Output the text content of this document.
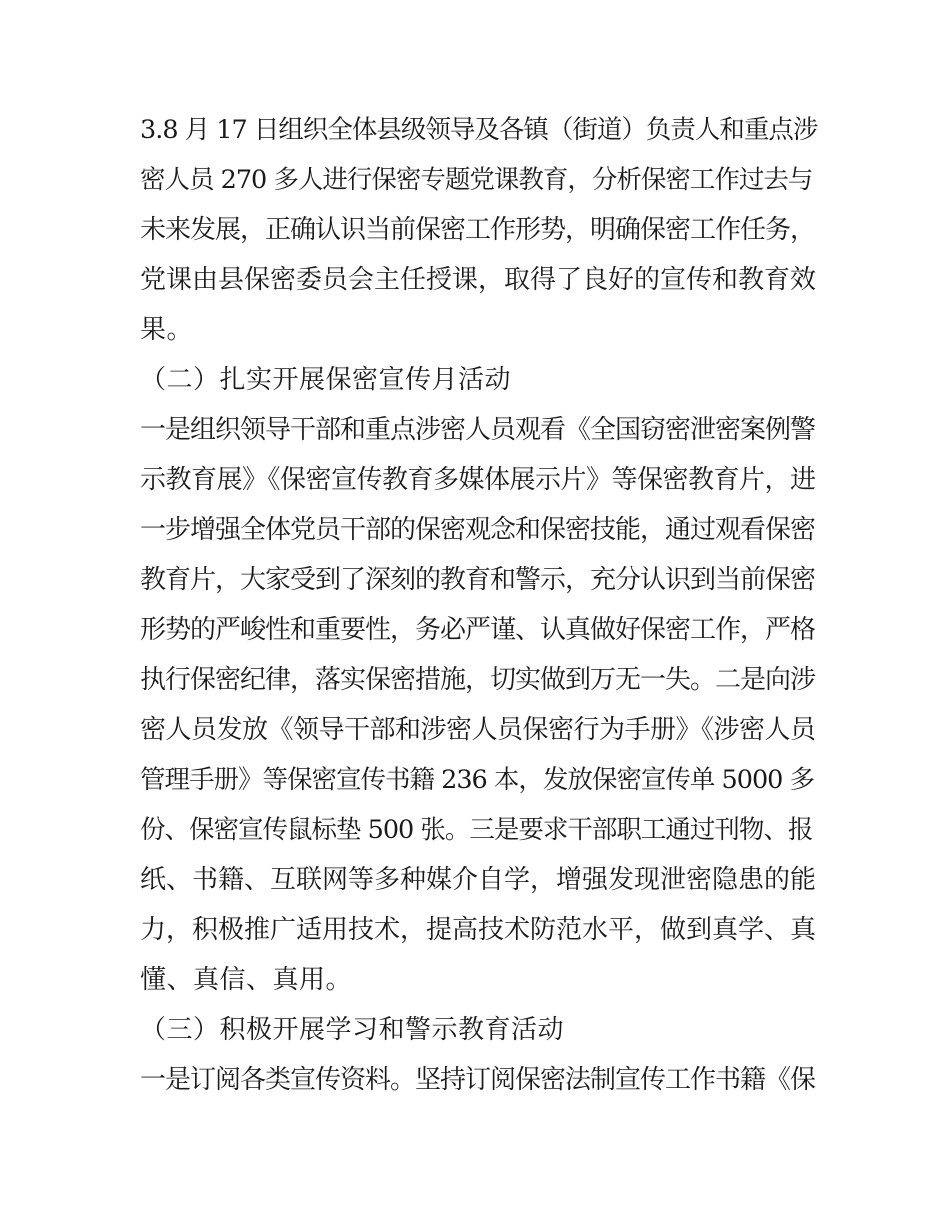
3.8 月 17 日组织全体县级领导及各镇（街道）负责人和重点涉
密人员 270 多人进行保密专题党课教育，分析保密工作过去与
未来发展，正确认识当前保密工作形势，明确保密工作任务，
党课由县保密委员会主任授课，取得了良好的宣传和教育效
果。
（二）扎实开展保密宣传月活动
一是组织领导干部和重点涉密人员观看《全国窃密泄密案例警
示教育展》《保密宣传教育多媒体展示片》等保密教育片，进
一步增强全体党员干部的保密观念和保密技能，通过观看保密
教育片，大家受到了深刻的教育和警示，充分认识到当前保密
形势的严峻性和重要性，务必严谨、认真做好保密工作，严格
执行保密纪律，落实保密措施，切实做到万无一失。二是向涉
密人员发放《领导干部和涉密人员保密行为手册》《涉密人员
管理手册》等保密宣传书籍 236 本，发放保密宣传单 5000 多
份、保密宣传鼠标垫 500 张。三是要求干部职工通过刊物、报
纸、书籍、互联网等多种媒介自学，增强发现泄密隐患的能
力，积极推广适用技术，提高技术防范水平，做到真学、真
懂、真信、真用。
（三）积极开展学习和警示教育活动
一是订阅各类宣传资料。坚持订阅保密法制宣传工作书籍《保
